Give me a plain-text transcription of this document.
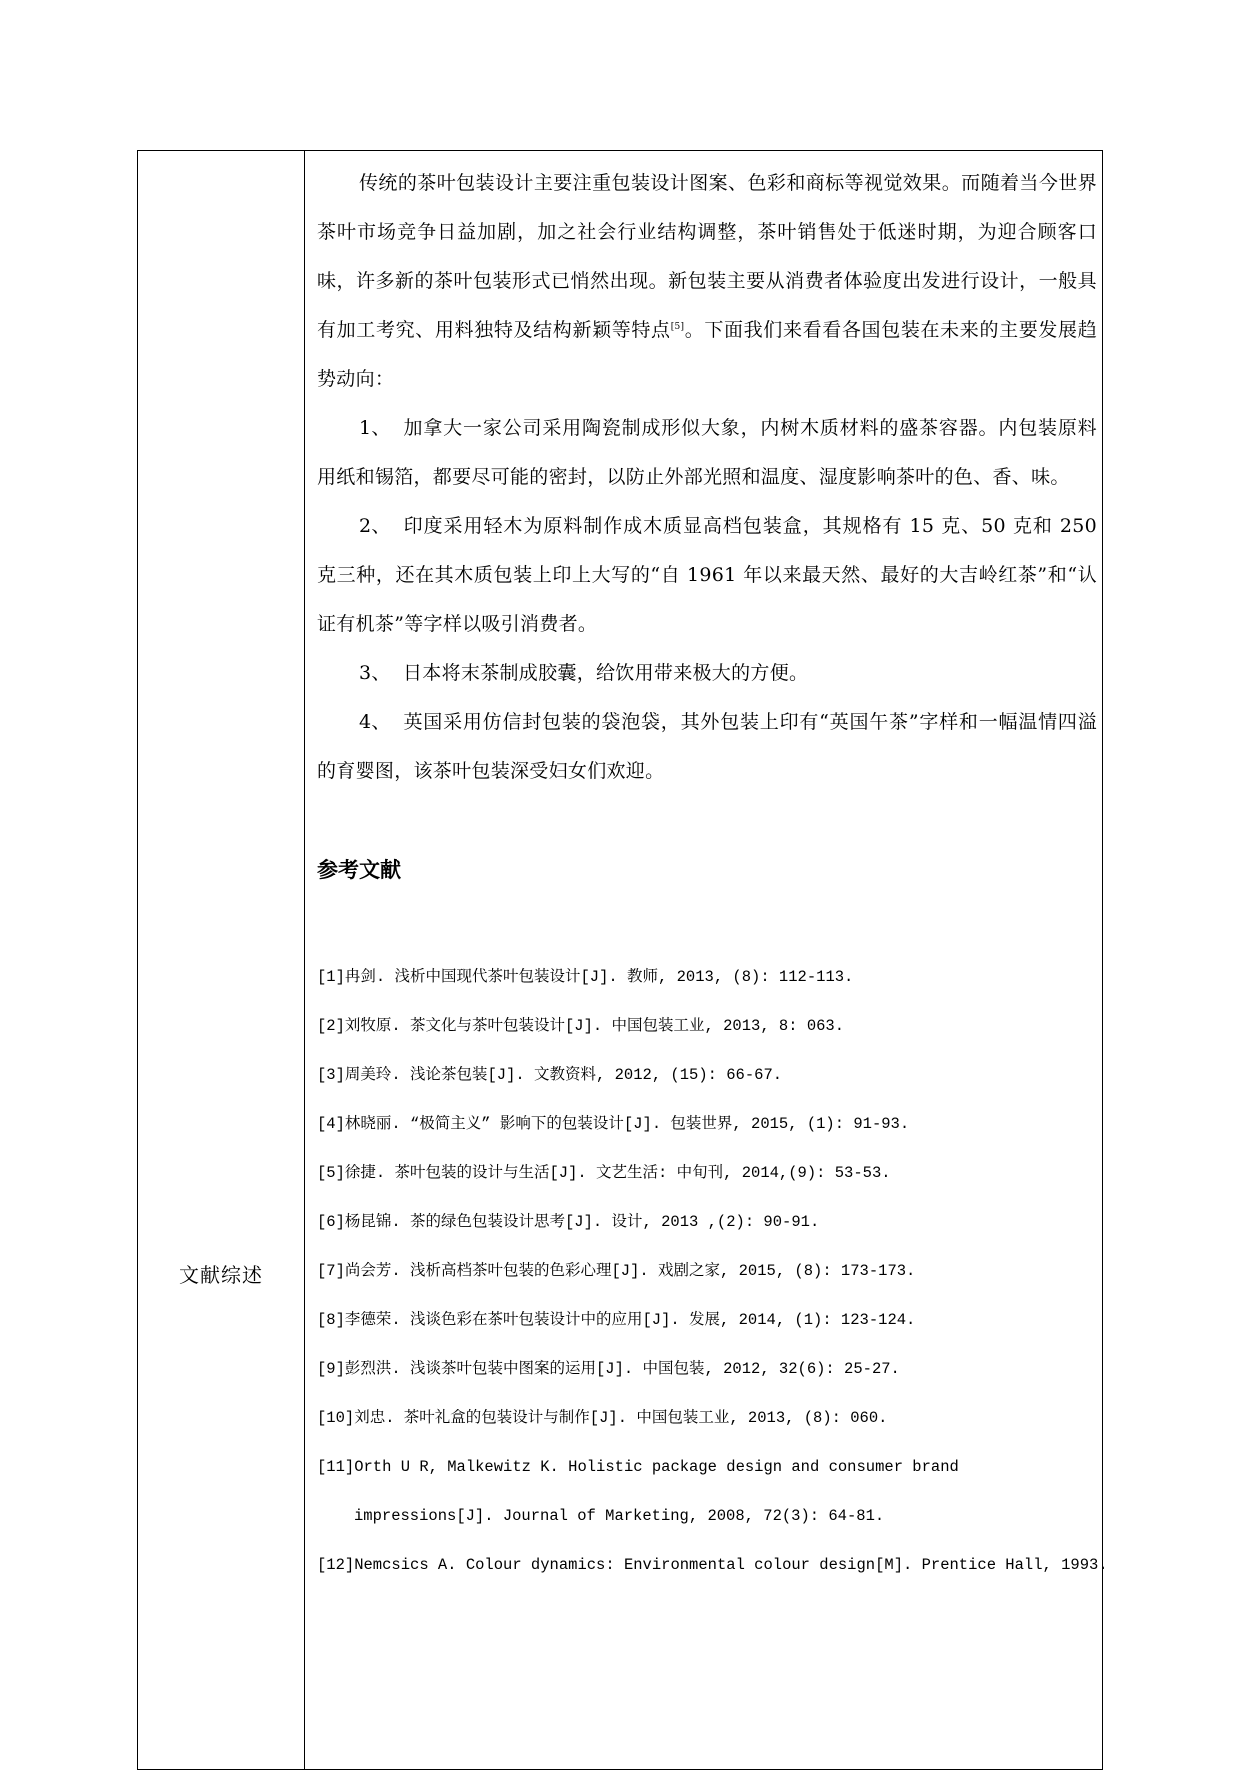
文献综述

传统的茶叶包装设计主要注重包装设计图案、色彩和商标等视觉效果。而随着当今世界茶叶市场竞争日益加剧，加之社会行业结构调整，茶叶销售处于低迷时期，为迎合顾客口味，许多新的茶叶包装形式已悄然出现。新包装主要从消费者体验度出发进行设计，一般具有加工考究、用料独特及结构新颖等特点[5]。下面我们来看看各国包装在未来的主要发展趋势动向：

1、 加拿大一家公司采用陶瓷制成形似大象，内树木质材料的盛茶容器。内包装原料用纸和锡箔，都要尽可能的密封，以防止外部光照和温度、湿度影响茶叶的色、香、味。

2、 印度采用轻木为原料制作成木质显高档包装盒，其规格有 15 克、50 克和 250 克三种，还在其木质包装上印上大写的“自 1961 年以来最天然、最好的大吉岭红茶”和“认证有机茶”等字样以吸引消费者。

3、 日本将末茶制成胶囊，给饮用带来极大的方便。

4、 英国采用仿信封包装的袋泡袋，其外包装上印有“英国午茶”字样和一幅温情四溢的育婴图，该茶叶包装深受妇女们欢迎。

参考文献

[1]冉剑. 浅析中国现代茶叶包装设计[J]. 教师, 2013, (8): 112-113.

[2]刘牧原. 茶文化与茶叶包装设计[J]. 中国包装工业, 2013, 8: 063.

[3]周美玲. 浅论茶包装[J]. 文教资料, 2012, (15): 66-67.

[4]林晓丽. “极简主义” 影响下的包装设计[J]. 包装世界, 2015, (1): 91-93.

[5]徐捷. 茶叶包装的设计与生活[J]. 文艺生活: 中旬刊, 2014,(9): 53-53.

[6]杨昆锦. 茶的绿色包装设计思考[J]. 设计, 2013 ,(2): 90-91.

[7]尚会芳. 浅析高档茶叶包装的色彩心理[J]. 戏剧之家, 2015, (8): 173-173.

[8]李德荣. 浅谈色彩在茶叶包装设计中的应用[J]. 发展, 2014, (1): 123-124.

[9]彭烈洪. 浅谈茶叶包装中图案的运用[J]. 中国包装, 2012, 32(6): 25-27.

[10]刘忠. 茶叶礼盒的包装设计与制作[J]. 中国包装工业, 2013, (8): 060.

[11]Orth U R, Malkewitz K. Holistic package design and consumer brand impressions[J]. Journal of Marketing, 2008, 72(3): 64-81.

[12]Nemcsics A. Colour dynamics: Environmental colour design[M]. Prentice Hall, 1993.
